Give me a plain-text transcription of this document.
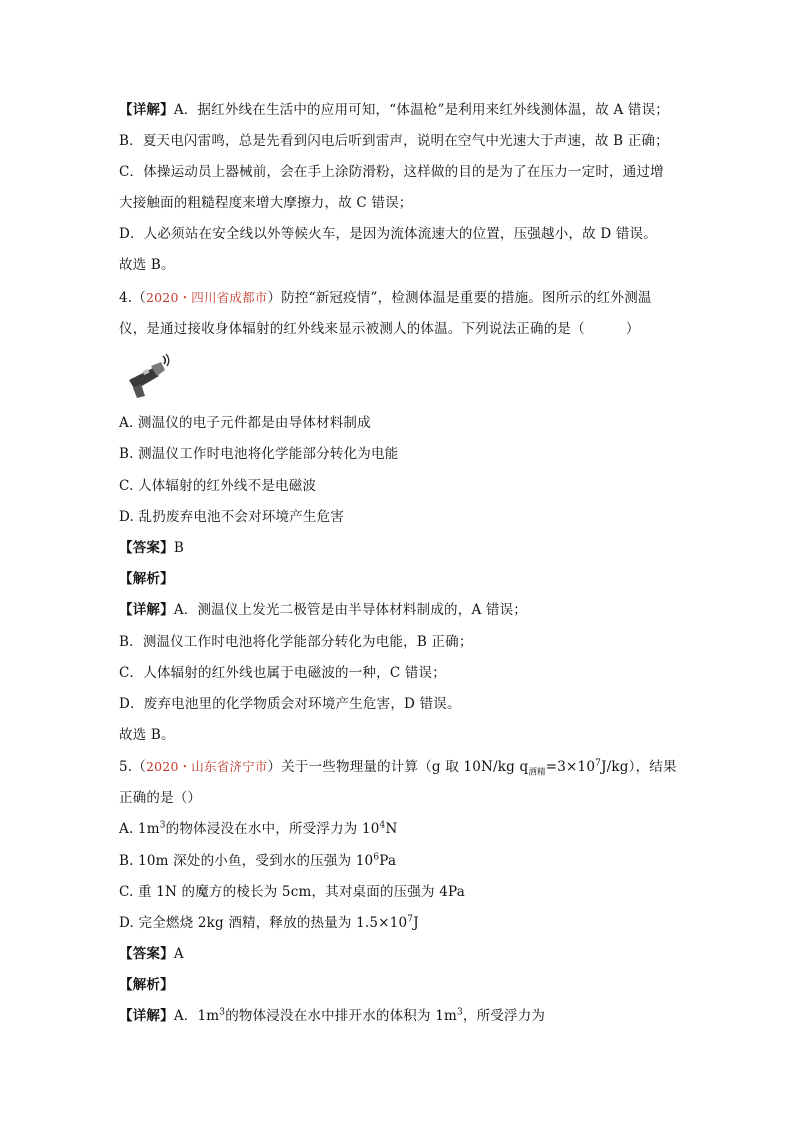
【详解】A．据红外线在生活中的应用可知，“体温枪”是利用来红外线测体温，故 A 错误；
B．夏天电闪雷鸣，总是先看到闪电后听到雷声，说明在空气中光速大于声速，故 B 正确；
C．体操运动员上器械前，会在手上涂防滑粉，这样做的目的是为了在压力一定时，通过增
大接触面的粗糙程度来增大摩擦力，故 C 错误；
D．人必须站在安全线以外等候火车，是因为流体流速大的位置，压强越小，故 D 错误。
故选 B。
4.（2020・四川省成都市）防控“新冠疫情”，检测体温是重要的措施。图所示的红外测温
仪，是通过接收身体辐射的红外线来显示被测人的体温。下列说法正确的是（　　　）
A. 测温仪的电子元件都是由导体材料制成
B. 测温仪工作时电池将化学能部分转化为电能
C. 人体辐射的红外线不是电磁波
D. 乱扔废弃电池不会对环境产生危害
【答案】B
【解析】
【详解】A．测温仪上发光二极管是由半导体材料制成的，A 错误；
B．测温仪工作时电池将化学能部分转化为电能，B 正确；
C．人体辐射的红外线也属于电磁波的一种，C 错误；
D．废弃电池里的化学物质会对环境产生危害，D 错误。
故选 B。
5.（2020・山东省济宁市）关于一些物理量的计算（g 取 10N/kg $q_{酒精}=3\times 10^7J/kg$），结果
正确的是（）
A. $1m^3$的物体浸没在水中，所受浮力为 $10^4N$
B. 10m 深处的小鱼，受到水的压强为 $10^6Pa$
C. 重 1N 的魔方的棱长为 5cm，其对桌面的压强为 4Pa
D. 完全燃烧 2kg 酒精，释放的热量为 $1.5\times 10^7J$
【答案】A
【解析】
【详解】A．$1m^3$的物体浸没在水中排开水的体积为 $1m^3$，所受浮力为
